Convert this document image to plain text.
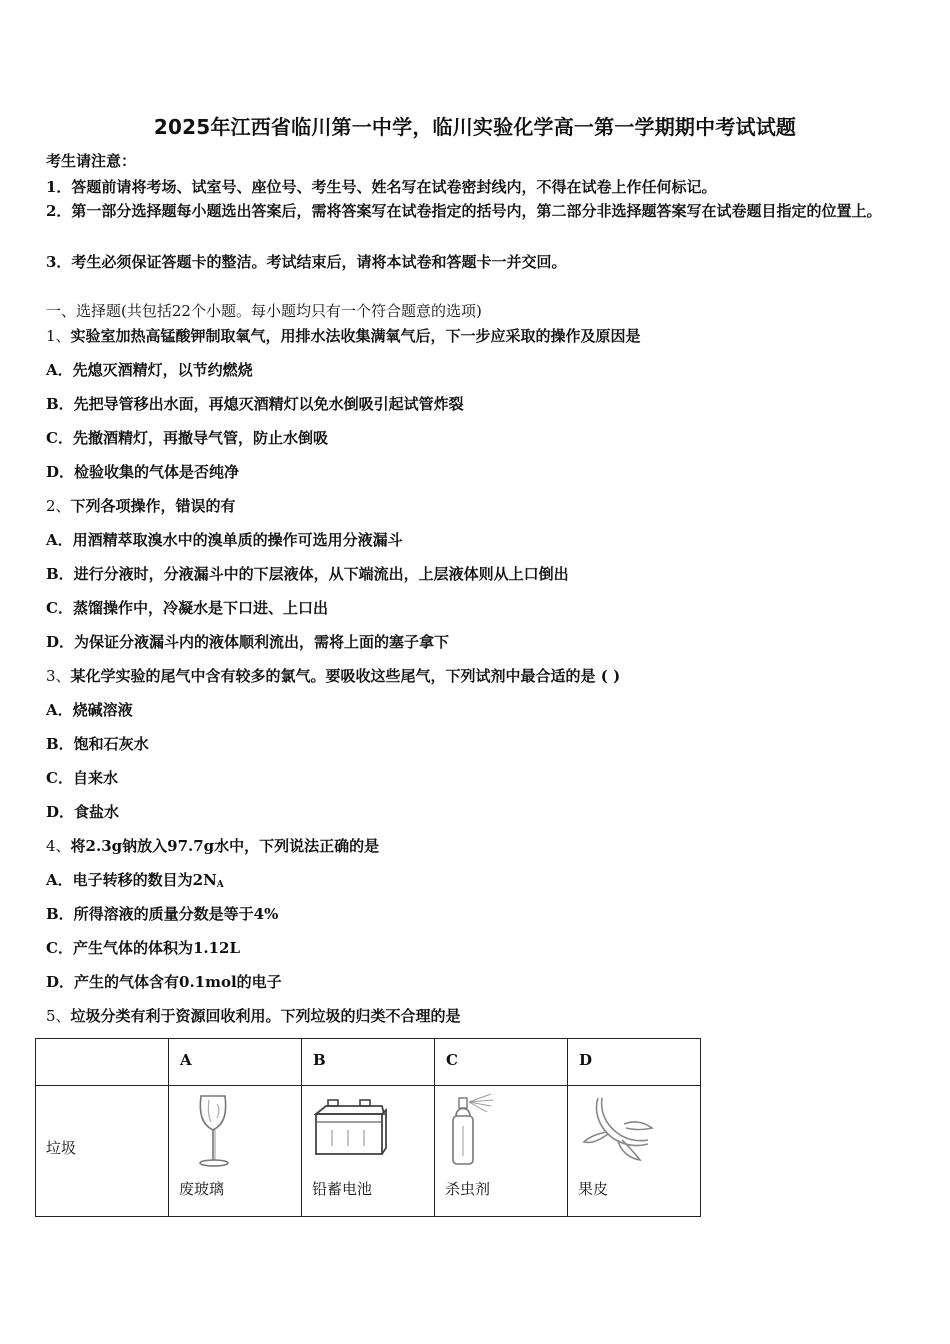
2025年江西省临川第一中学，临川实验化学高一第一学期期中考试试题
考生请注意：
1．答题前请将考场、试室号、座位号、考生号、姓名写在试卷密封线内，不得在试卷上作任何标记。
2．第一部分选择题每小题选出答案后，需将答案写在试卷指定的括号内，第二部分非选择题答案写在试卷题目指定的位置上。
3．考生必须保证答题卡的整洁。考试结束后，请将本试卷和答题卡一并交回。
一、选择题(共包括22个小题。每小题均只有一个符合题意的选项)
1、实验室加热高锰酸钾制取氧气，用排水法收集满氧气后，下一步应采取的操作及原因是
A．先熄灭酒精灯，以节约燃烧
B．先把导管移出水面，再熄灭酒精灯以免水倒吸引起试管炸裂
C．先撤酒精灯，再撤导气管，防止水倒吸
D．检验收集的气体是否纯净
2、下列各项操作，错误的有
A．用酒精萃取溴水中的溴单质的操作可选用分液漏斗
B．进行分液时，分液漏斗中的下层液体，从下端流出，上层液体则从上口倒出
C．蒸馏操作中，冷凝水是下口进、上口出
D．为保证分液漏斗内的液体顺利流出，需将上面的塞子拿下
3、某化学实验的尾气中含有较多的氯气。要吸收这些尾气，下列试剂中最合适的是 ( )
A．烧碱溶液
B．饱和石灰水
C．自来水
D．食盐水
4、将2.3g钠放入97.7g水中，下列说法正确的是
A．电子转移的数目为$2N_A$
B．所得溶液的质量分数是等于4%
C．产生气体的体积为1.12L
D．产生的气体含有0.1mol的电子
5、垃圾分类有利于资源回收利用。下列垃圾的归类不合理的是

	A	B	C	D

垃圾	废玻璃	铅蓄电池	杀虫剂	果皮
